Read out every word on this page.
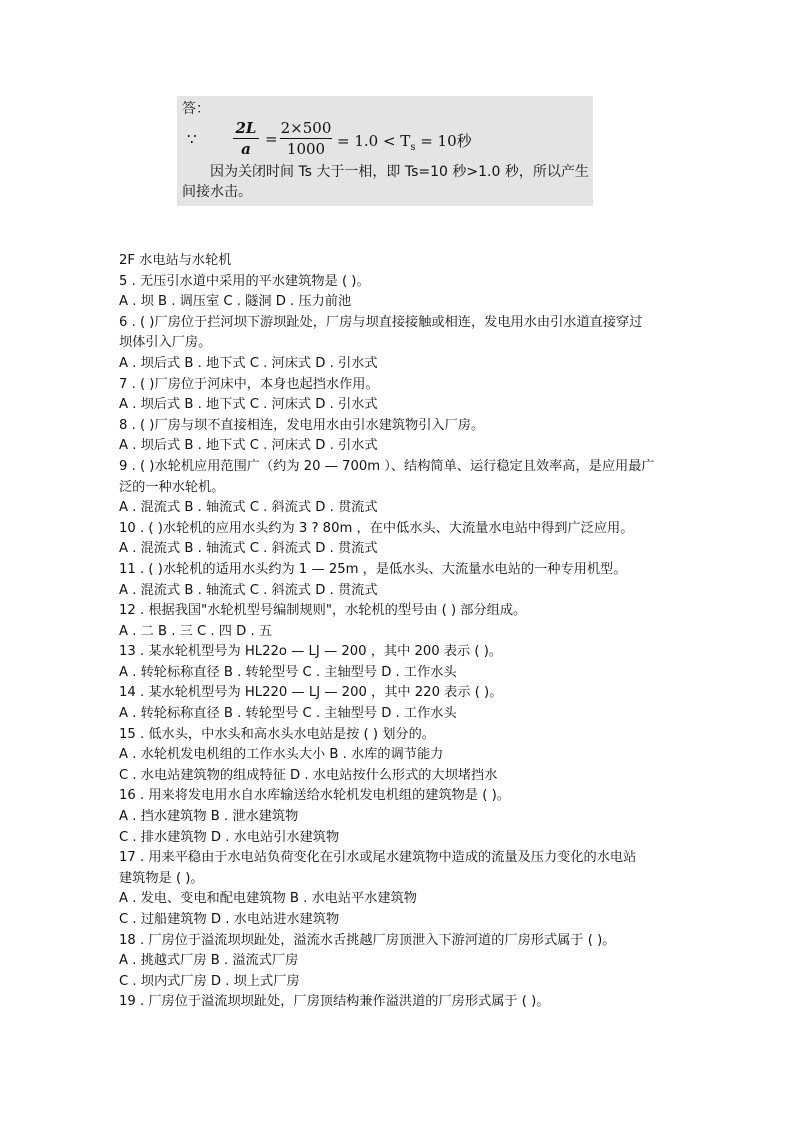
答：
∵
2L
a
=
2×500
$1000 = 1.0 < T_s = 10$秒
因为关闭时间 Ts 大于一相，即 Ts=10 秒>1.0 秒，所以产生
间接水击。
2F 水电站与水轮机
5 . 无压引水道中采用的平水建筑物是 ( )。
A . 坝 B . 调压室 C . 隧洞 D . 压力前池
6 . ( )厂房位于拦河坝下游坝趾处，厂房与坝直接接触或相连，发电用水由引水道直接穿过
坝体引入厂房。
A . 坝后式 B . 地下式 C . 河床式 D . 引水式
7 . ( )厂房位于河床中，本身也起挡水作用。
A . 坝后式 B . 地下式 C . 河床式 D . 引水式
8 . ( )厂房与坝不直接相连，发电用水由引水建筑物引入厂房。
A . 坝后式 B . 地下式 C . 河床式 D . 引水式
9 . ( )水轮机应用范围广（约为 20 — 700m ）、结构简单、运行稳定且效率高，是应用最广
泛的一种水轮机。
A . 混流式 B . 轴流式 C . 斜流式 D . 贯流式
10 . ( )水轮机的应用水头约为 3 ? 80m ，在中低水头、大流量水电站中得到广泛应用。
A . 混流式 B . 轴流式 C . 斜流式 D . 贯流式
11 . ( )水轮机的适用水头约为 1 — 25m ，是低水头、大流量水电站的一种专用机型。
A . 混流式 B . 轴流式 C . 斜流式 D . 贯流式
12 . 根据我国"水轮机型号编制规则"，水轮机的型号由 ( ) 部分组成。
A . 二 B . 三 C . 四 D . 五
13 . 某水轮机型号为 HL22o — LJ — 200 ，其中 200 表示 ( )。
A . 转轮标称直径 B . 转轮型号 C . 主轴型号 D . 工作水头
14 . 某水轮机型号为 HL220 — LJ — 200 ，其中 220 表示 ( )。
A . 转轮标称直径 B . 转轮型号 C . 主轴型号 D . 工作水头
15 . 低水头，中水头和高水头水电站是按 ( ) 划分的。
A . 水轮机发电机组的工作水头大小 B . 水库的调节能力
C . 水电站建筑物的组成特征 D . 水电站按什么形式的大坝堵挡水
16 . 用来将发电用水自水库输送给水轮机发电机组的建筑物是 ( )。
A . 挡水建筑物 B . 泄水建筑物
C . 排水建筑物 D . 水电站引水建筑物
17 . 用来平稳由于水电站负荷变化在引水或尾水建筑物中造成的流量及压力变化的水电站
建筑物是 ( )。
A . 发电、变电和配电建筑物 B . 水电站平水建筑物
C . 过船建筑物 D . 水电站进水建筑物
18 . 厂房位于溢流坝坝趾处，溢流水舌挑越厂房顶泄入下游河道的厂房形式属于 ( )。
A . 挑越式厂房 B . 溢流式厂房
C . 坝内式厂房 D . 坝上式厂房
19 . 厂房位于溢流坝坝趾处，厂房顶结构兼作溢洪道的厂房形式属于 ( )。
